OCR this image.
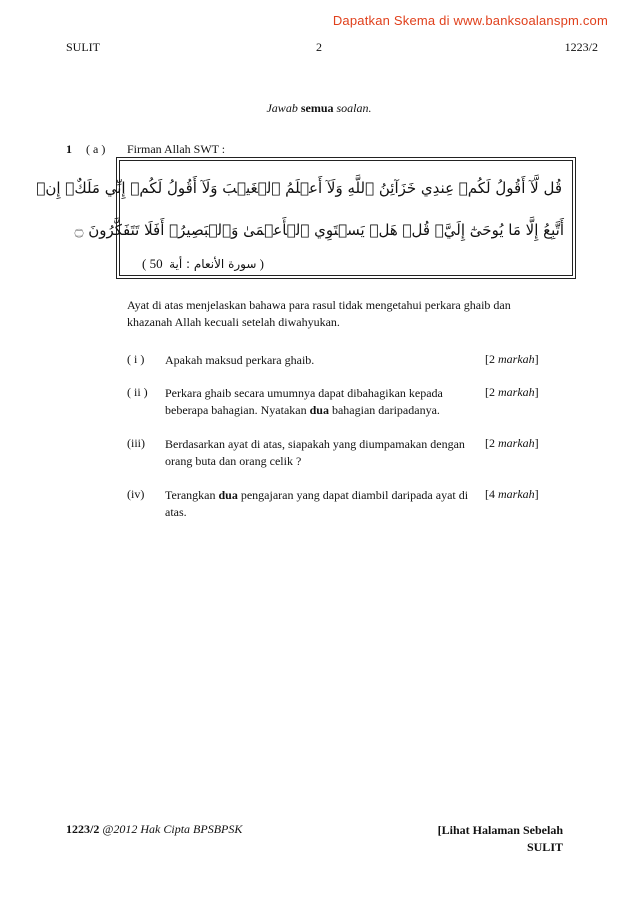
Dapatkan Skema di www.banksoalanspm.com
SULIT	2	1223/2
Jawab semua soalan.
1 ( a ) Firman Allah SWT :
قُل لَّآ أَقُولُ لَكُمۡ عِندِي خَزَآئِنُ ٱللَّهِ وَلَآ أَعۡلَمُ ٱلۡغَيۡبَ وَلَآ أَقُولُ لَكُمۡ إِنِّي مَلَكٌۖ إِنۡ
أَتَّبِعُ إِلَّا مَا يُوحَىٰٓ إِلَيَّۚ قُلۡ هَلۡ يَسۡتَوِي ٱلۡأَعۡمَىٰ وَٱلۡبَصِيرُۚ أَفَلَا تَتَفَكَّرُونَ ۝
( 50 سورة الأنعام : أية )
Ayat di atas menjelaskan bahawa para rasul tidak mengetahui perkara ghaib dan khazanah Allah kecuali setelah diwahyukan.
( i ) Apakah maksud perkara ghaib.	[2 markah]
( ii ) Perkara ghaib secara umumnya dapat dibahagikan kepada beberapa bahagian. Nyatakan dua bahagian daripadanya.
[2 markah]
(iii) Berdasarkan ayat di atas, siapakah yang diumpamakan dengan orang buta dan orang celik ?
[2 markah]
(iv) Terangkan dua pengajaran yang dapat diambil daripada ayat di atas.
[4 markah]
1223/2 @2012 Hak Cipta BPSBPSK	[Lihat Halaman Sebelah
SULIT
